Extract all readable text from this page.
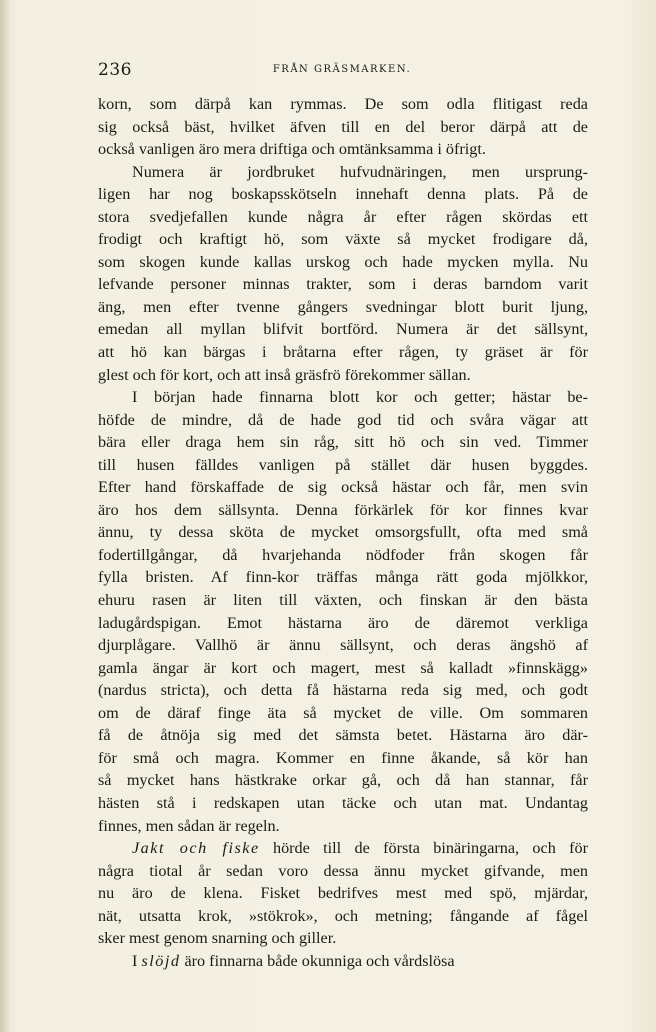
236	FRÅN GRÄSMARKEN.
korn, som därpå kan rymmas. De som odla flitigast reda
sig också bäst, hvilket äfven till en del beror därpå att de
också vanligen äro mera driftiga och omtänksamma i öfrigt.
Numera är jordbruket hufvudnäringen, men ursprung-
ligen har nog boskapsskötseln innehaft denna plats. På de
stora svedjefallen kunde några år efter rågen skördas ett
frodigt och kraftigt hö, som växte så mycket frodigare då,
som skogen kunde kallas urskog och hade mycken mylla. Nu
lefvande personer minnas trakter, som i deras barndom varit
äng, men efter tvenne gångers svedningar blott burit ljung,
emedan all myllan blifvit bortförd. Numera är det sällsynt,
att hö kan bärgas i bråtarna efter rågen, ty gräset är för
glest och för kort, och att inså gräsfrö förekommer sällan.
I början hade finnarna blott kor och getter; hästar be-
höfde de mindre, då de hade god tid och svåra vägar att
bära eller draga hem sin råg, sitt hö och sin ved. Timmer
till husen fälldes vanligen på stället där husen byggdes.
Efter hand förskaffade de sig också hästar och får, men svin
äro hos dem sällsynta. Denna förkärlek för kor finnes kvar
ännu, ty dessa sköta de mycket omsorgsfullt, ofta med små
fodertillgångar, då hvarjehanda nödfoder från skogen får
fylla bristen. Af finn-kor träffas många rätt goda mjölkkor,
ehuru rasen är liten till växten, och finskan är den bästa
ladugårdspigan. Emot hästarna äro de däremot verkliga
djurplågare. Vallhö är ännu sällsynt, och deras ängshö af
gamla ängar är kort och magert, mest så kalladt »finnskägg»
(nardus stricta), och detta få hästarna reda sig med, och godt
om de däraf finge äta så mycket de ville. Om sommaren
få de åtnöja sig med det sämsta betet. Hästarna äro där-
för små och magra. Kommer en finne åkande, så kör han
så mycket hans hästkrake orkar gå, och då han stannar, får
hästen stå i redskapen utan täcke och utan mat. Undantag
finnes, men sådan är regeln.
Jakt och fiske hörde till de första binäringarna, och för
några tiotal år sedan voro dessa ännu mycket gifvande, men
nu äro de klena. Fisket bedrifves mest med spö, mjärdar,
nät, utsatta krok, »stökrok», och metning; fångande af fågel
sker mest genom snarning och giller.
I slöjd äro finnarna både okunniga och vårdslösa
